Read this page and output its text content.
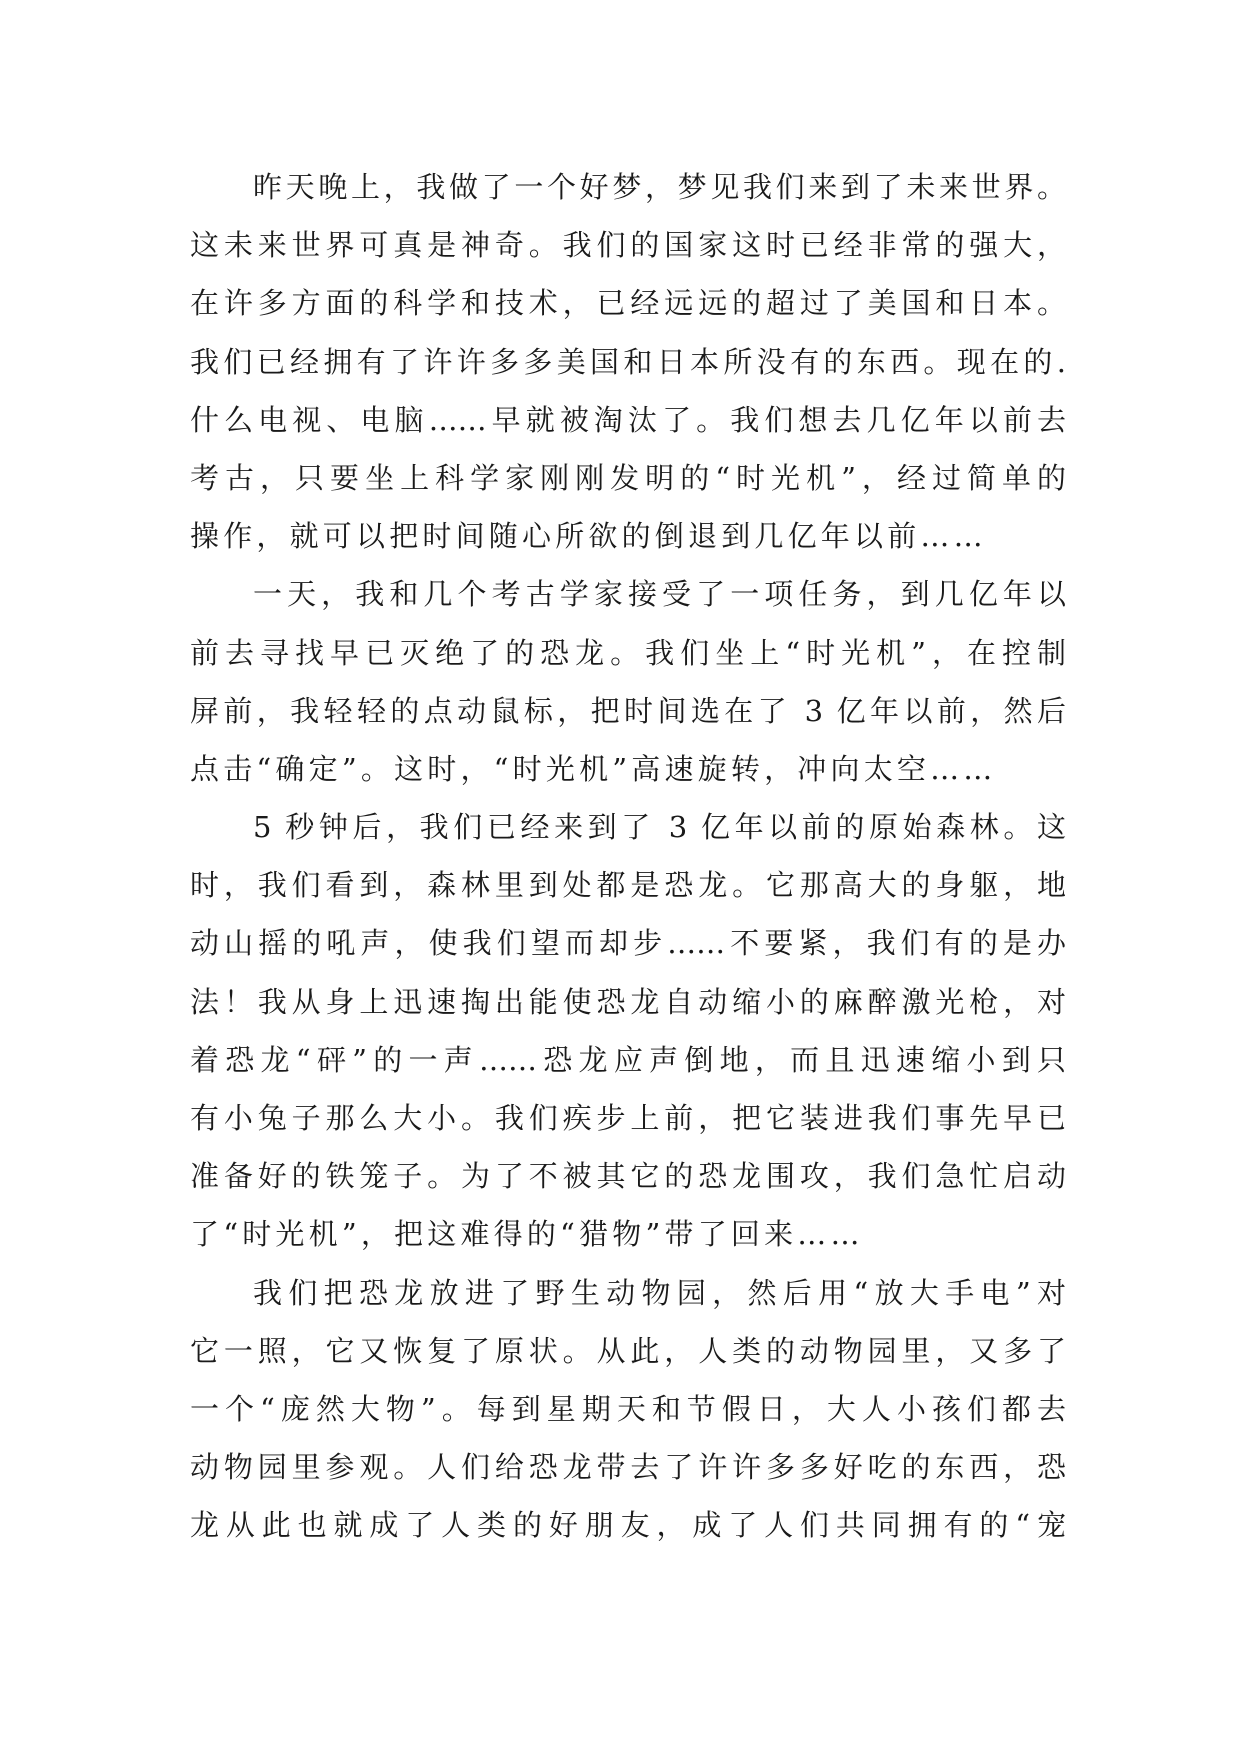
昨天晚上，我做了一个好梦，梦见我们来到了未来世界。
这未来世界可真是神奇。我们的国家这时已经非常的强大，
在许多方面的科学和技术，已经远远的超过了美国和日本。
我们已经拥有了许许多多美国和日本所没有的东西。现在的.
什么电视、电脑……早就被淘汰了。我们想去几亿年以前去
考古，只要坐上科学家刚刚发明的“时光机”，经过简单的
操作，就可以把时间随心所欲的倒退到几亿年以前……
一天，我和几个考古学家接受了一项任务，到几亿年以
前去寻找早已灭绝了的恐龙。我们坐上“时光机”，在控制
屏前，我轻轻的点动鼠标，把时间选在了 3 亿年以前，然后
点击“确定”。这时，“时光机”高速旋转，冲向太空……
5 秒钟后，我们已经来到了 3 亿年以前的原始森林。这
时，我们看到，森林里到处都是恐龙。它那高大的身躯，地
动山摇的吼声，使我们望而却步……不要紧，我们有的是办
法！我从身上迅速掏出能使恐龙自动缩小的麻醉激光枪，对
着恐龙“砰”的一声……恐龙应声倒地，而且迅速缩小到只
有小兔子那么大小。我们疾步上前，把它装进我们事先早已
准备好的铁笼子。为了不被其它的恐龙围攻，我们急忙启动
了“时光机”，把这难得的“猎物”带了回来……
我们把恐龙放进了野生动物园，然后用“放大手电”对
它一照，它又恢复了原状。从此，人类的动物园里，又多了
一个“庞然大物”。每到星期天和节假日，大人小孩们都去
动物园里参观。人们给恐龙带去了许许多多好吃的东西，恐
龙从此也就成了人类的好朋友，成了人们共同拥有的“宠
